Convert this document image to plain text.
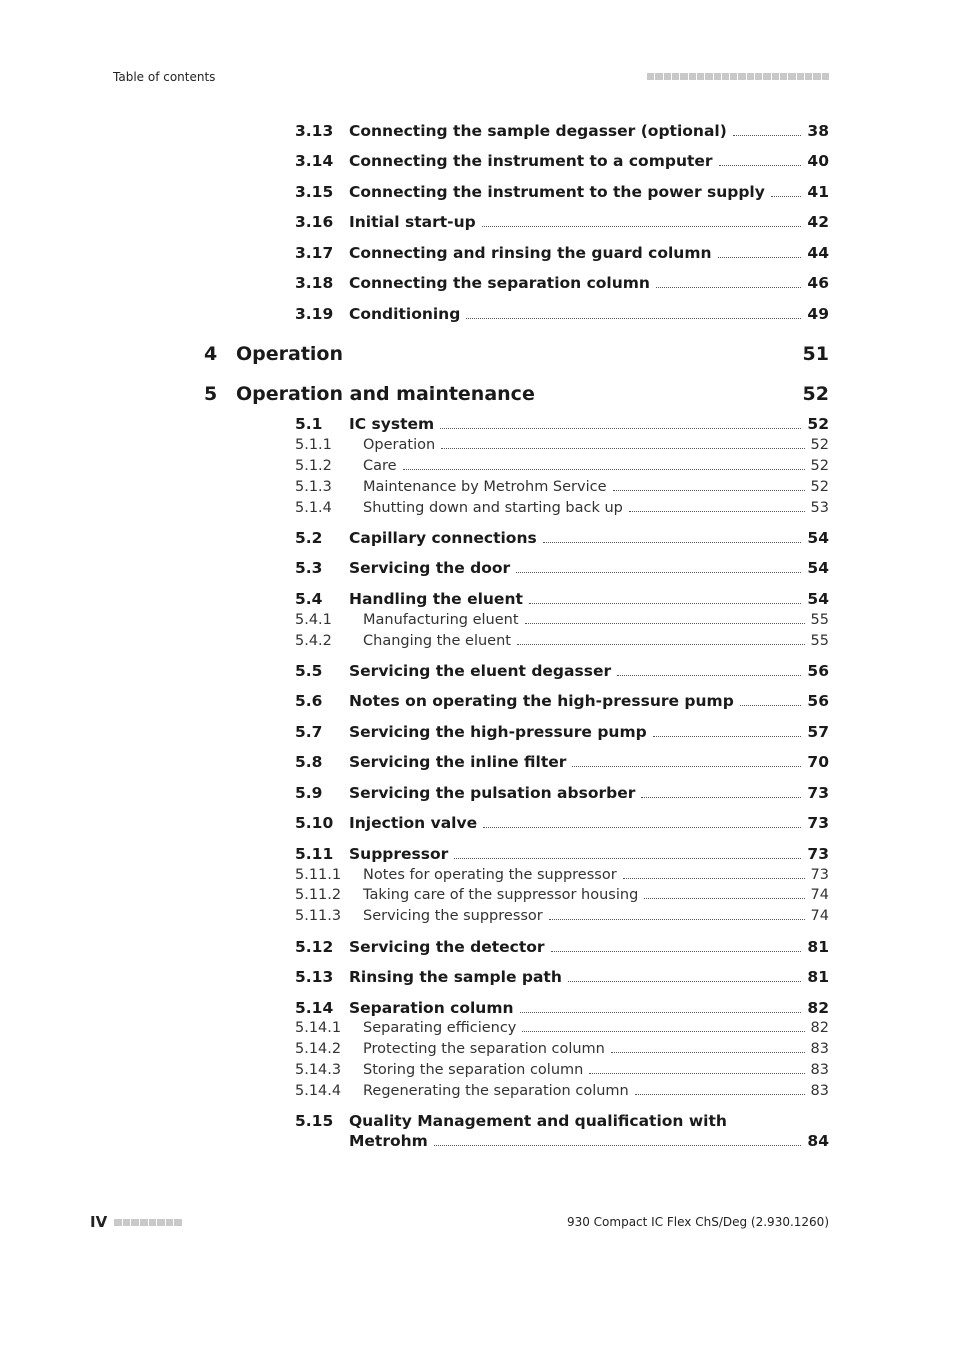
Table of contents
3.13	Connecting the sample degasser (optional)	38
3.14	Connecting the instrument to a computer	40
3.15	Connecting the instrument to the power supply	41
3.16	Initial start-up	42
3.17	Connecting and rinsing the guard column	44
3.18	Connecting the separation column	46
3.19	Conditioning	49
4 Operation	51
5 Operation and maintenance	52
5.1	IC system	52
5.1.1	Operation	52
5.1.2	Care	52
5.1.3	Maintenance by Metrohm Service	52
5.1.4	Shutting down and starting back up	53
5.2	Capillary connections	54
5.3	Servicing the door	54
5.4	Handling the eluent	54
5.4.1	Manufacturing eluent	55
5.4.2	Changing the eluent	55
5.5	Servicing the eluent degasser	56
5.6	Notes on operating the high-pressure pump	56
5.7	Servicing the high-pressure pump	57
5.8	Servicing the inline filter	70
5.9	Servicing the pulsation absorber	73
5.10	Injection valve	73
5.11	Suppressor	73
5.11.1	Notes for operating the suppressor	73
5.11.2	Taking care of the suppressor housing	74
5.11.3	Servicing the suppressor	74
5.12	Servicing the detector	81
5.13	Rinsing the sample path	81
5.14	Separation column	82
5.14.1	Separating efficiency	82
5.14.2	Protecting the separation column	83
5.14.3	Storing the separation column	83
5.14.4	Regenerating the separation column	83
5.15	Quality Management and qualification with
Metrohm	84
IV	930 Compact IC Flex ChS/Deg (2.930.1260)
